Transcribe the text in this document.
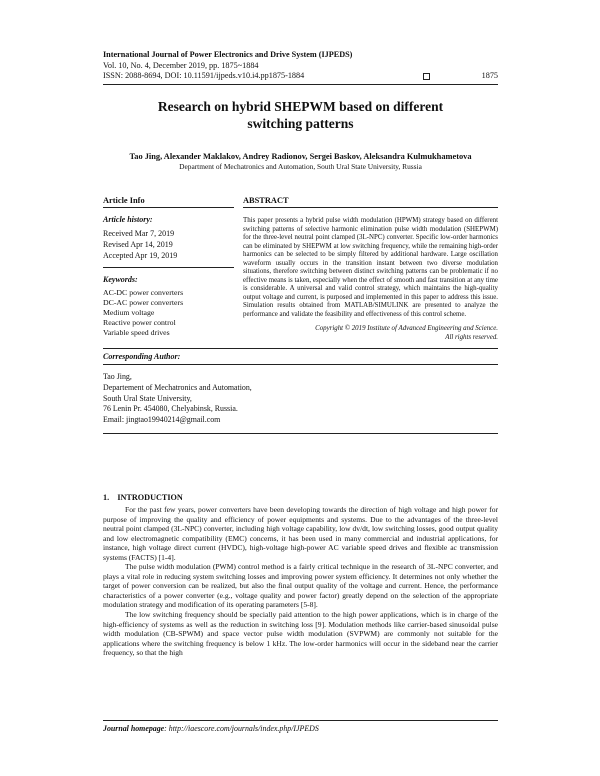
International Journal of Power Electronics and Drive System (IJPEDS)
Vol. 10, No. 4, December 2019, pp. 1875~1884
ISSN: 2088-8694, DOI: 10.11591/ijpeds.v10.i4.pp1875-1884	1875
Research on hybrid SHEPWM based on different
switching patterns
Tao Jing, Alexander Maklakov, Andrey Radionov, Sergei Baskov, Aleksandra Kulmukhametova
Department of Mechatronics and Automation, South Ural State University, Russia
Article Info
Article history:
Received Mar 7, 2019
Revised Apr 14, 2019
Accepted Apr 19, 2019
Keywords:
AC-DC power converters
DC-AC power converters
Medium voltage
Reactive power control
Variable speed drives
ABSTRACT
This paper presents a hybrid pulse width modulation (HPWM) strategy based on different switching patterns of selective harmonic elimination pulse width modulation (SHEPWM) for the three-level neutral point clamped (3L-NPC) converter. Specific low-order harmonics can be eliminated by SHEPWM at low switching frequency, while the remaining high-order harmonics can be selected to be simply filtered by additional hardware. Large oscillation waveform usually occurs in the transition instant between two diverse modulation situations, therefore switching between distinct switching patterns can be problematic if no effective means is taken, especially when the effect of smooth and fast transition at any time is considerable. A universal and valid control strategy, which maintains the high-quality output voltage and current, is purposed and implemented in this paper to address this issue. Simulation results obtained from MATLAB/SIMULINK are presented to analyze the performance and validate the feasibility and effectiveness of this control scheme.
Copyright © 2019 Institute of Advanced Engineering and Science.
All rights reserved.
Corresponding Author:
Tao Jing,
Departement of Mechatronics and Automation,
South Ural State University,
76 Lenin Pr. 454080, Chelyabinsk, Russia.
Email: jingtao19940214@gmail.com
1. INTRODUCTION

For the past few years, power converters have been developing towards the direction of high voltage and high power for purpose of improving the quality and efficiency of power equipments and systems. Due to the advantages of the three-level neutral point clamped (3L-NPC) converter, including high voltage capability, low dv/dt, low switching losses, good output quality and low electromagnetic compatibility (EMC) concerns, it has been used in many commercial and industrial applications, for instance, high voltage direct current (HVDC), high-voltage high-power AC variable speed drives and flexible ac transmission systems (FACTS) [1-4].

The pulse width modulation (PWM) control method is a fairly critical technique in the research of 3L-NPC converter, and plays a vital role in reducing system switching losses and improving power system efficiency. It determines not only whether the target of power conversion can be realized, but also the final output quality of the voltage and current. Hence, the performance characteristics of a power converter (e.g., voltage quality and power factor) greatly depend on the selection of the appropriate modulation strategy and modification of its operating parameters [5-8].

The low switching frequency should be specially paid attention to the high power applications, which is in charge of the high-efficiency of systems as well as the reduction in switching loss [9]. Modulation methods like carrier-based sinusoidal pulse width modulation (CB-SPWM) and space vector pulse width modulation (SVPWM) are commonly not suitable for the applications where the switching frequency is below 1 kHz. The low-order harmonics will occur in the sideband near the carrier frequency, so that the high

Journal homepage: http://iaescore.com/journals/index.php/IJPEDS
